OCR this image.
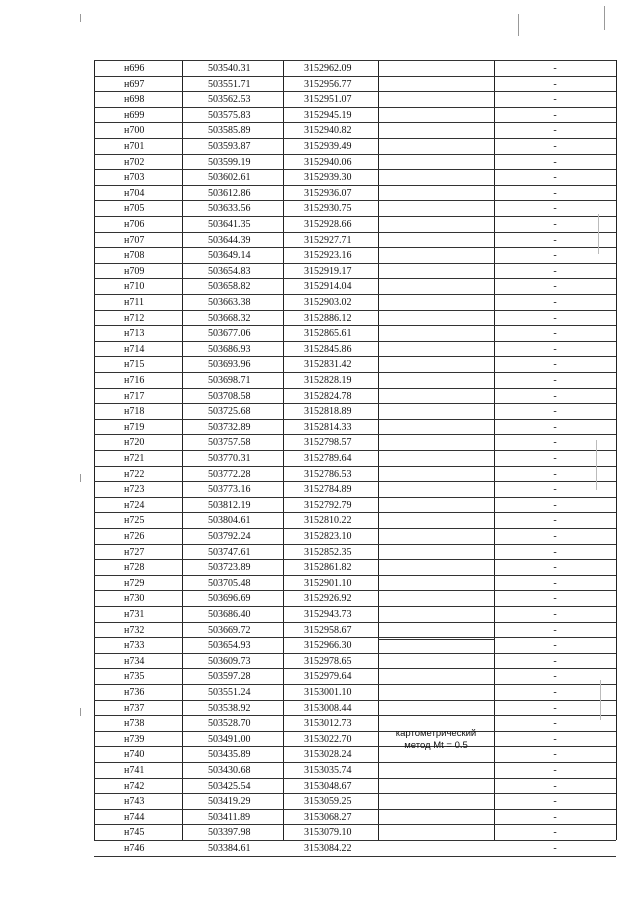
н696	503540.31	3152962.09	-
н697	503551.71	3152956.77	-
н698	503562.53	3152951.07	-
н699	503575.83	3152945.19	-
н700	503585.89	3152940.82	-
н701	503593.87	3152939.49	-
н702	503599.19	3152940.06	-
н703	503602.61	3152939.30	-
н704	503612.86	3152936.07	-
н705	503633.56	3152930.75	-
н706	503641.35	3152928.66	-
н707	503644.39	3152927.71	-
н708	503649.14	3152923.16	-
н709	503654.83	3152919.17	-
н710	503658.82	3152914.04	-
н711	503663.38	3152903.02	-
н712	503668.32	3152886.12	-
н713	503677.06	3152865.61	-
н714	503686.93	3152845.86	-
н715	503693.96	3152831.42	-
н716	503698.71	3152828.19	-
н717	503708.58	3152824.78	-
н718	503725.68	3152818.89	-
н719	503732.89	3152814.33	-
н720	503757.58	3152798.57	-
н721	503770.31	3152789.64	-
н722	503772.28	3152786.53	-
н723	503773.16	3152784.89	-
н724	503812.19	3152792.79	-
н725	503804.61	3152810.22	-
н726	503792.24	3152823.10	-
н727	503747.61	3152852.35	-
н728	503723.89	3152861.82	-
н729	503705.48	3152901.10	-
н730	503696.69	3152926.92	-
н731	503686.40	3152943.73	-
н732	503669.72	3152958.67	-
н733	503654.93	3152966.30	-
н734	503609.73	3152978.65	-
н735	503597.28	3152979.64	-
н736	503551.24	3153001.10	-
н737	503538.92	3153008.44	-
н738	503528.70	3153012.73	-
н739	503491.00	3153022.70	-
н740	503435.89	3153028.24	-
н741	503430.68	3153035.74	-
н742	503425.54	3153048.67	-
н743	503419.29	3153059.25	-
н744	503411.89	3153068.27	-
н745	503397.98	3153079.10	-
н746	503384.61	3153084.22	-
картометрический
метод Mt = 0.5
